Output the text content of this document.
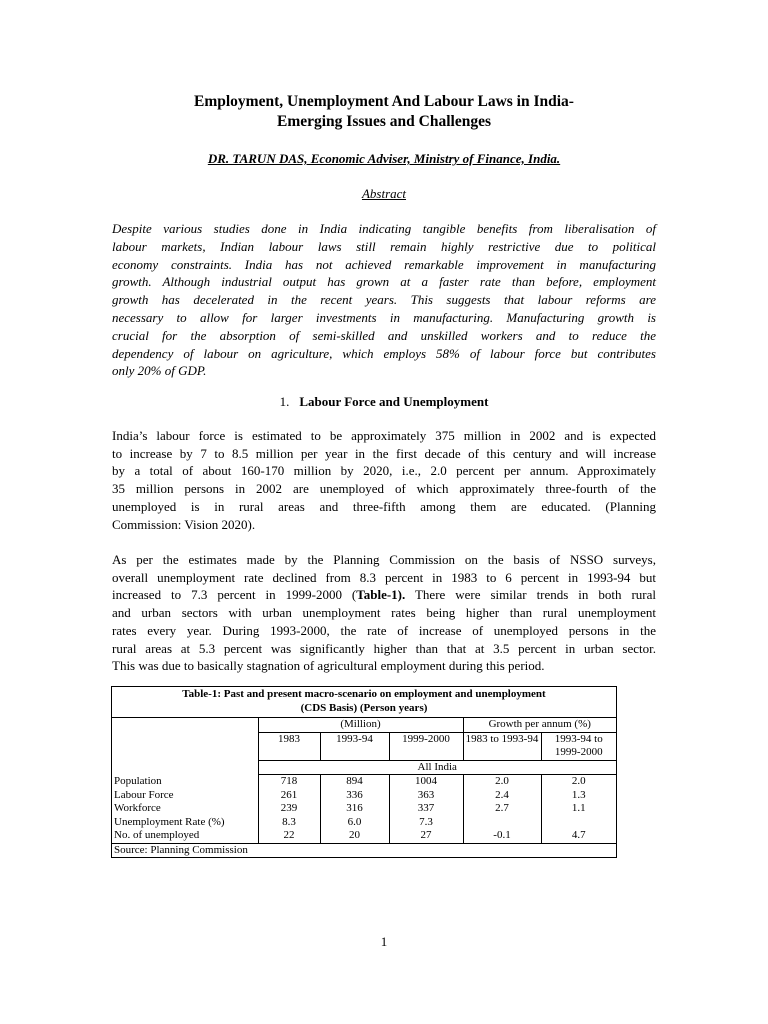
Employment, Unemployment And Labour Laws in India-
Emerging Issues and Challenges
DR. TARUN DAS, Economic Adviser, Ministry of Finance, India.
Abstract
Despite various studies done in India indicating tangible benefits from liberalisation of
labour markets, Indian labour laws still remain highly restrictive due to political
economy constraints. India has not achieved remarkable improvement in manufacturing
growth. Although industrial output has grown at a faster rate than before, employment
growth has decelerated in the recent years. This suggests that labour reforms are
necessary to allow for larger investments in manufacturing. Manufacturing growth is
crucial for the absorption of semi-skilled and unskilled workers and to reduce the
dependency of labour on agriculture, which employs 58% of labour force but contributes
only 20% of GDP.
1. Labour Force and Unemployment
India’s labour force is estimated to be approximately 375 million in 2002 and is expected
to increase by 7 to 8.5 million per year in the first decade of this century and will increase
by a total of about 160-170 million by 2020, i.e., 2.0 percent per annum. Approximately
35 million persons in 2002 are unemployed of which approximately three-fourth of the
unemployed is in rural areas and three-fifth among them are educated. (Planning
Commission: Vision 2020).
As per the estimates made by the Planning Commission on the basis of NSSO surveys,
overall unemployment rate declined from 8.3 percent in 1983 to 6 percent in 1993-94 but
increased to 7.3 percent in 1999-2000 (Table-1). There were similar trends in both rural
and urban sectors with urban unemployment rates being higher than rural unemployment
rates every year. During 1993-2000, the rate of increase of unemployed persons in the
rural areas at 5.3 percent was significantly higher than that at 3.5 percent in urban sector.
This was due to basically stagnation of agricultural employment during this period.
Table-1: Past and present macro-scenario on employment and unemployment
(CDS Basis) (Person years)					

	(Million)			Growth per annum (%)	
	1983	1993-94	1999-2000	1983 to 1993-94	1993-94 to 1999-2000
	All India				
Population	718	894	1004	2.0	2.0
Labour Force	261	336	363	2.4	1.3
Workforce	239	316	337	2.7	1.1
Unemployment Rate (%)	8.3	6.0	7.3		
No. of unemployed	22	20	27	-0.1	4.7
Source: Planning Commission					
1
